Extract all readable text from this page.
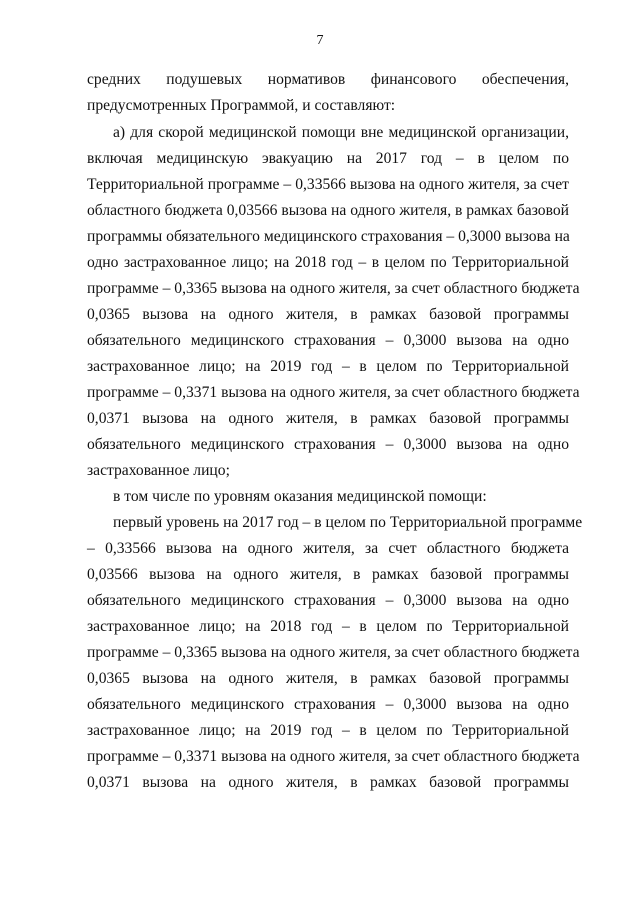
7
средних подушевых нормативов финансового обеспечения,
предусмотренных Программой, и составляют:
а) для скорой медицинской помощи вне медицинской организации,
включая медицинскую эвакуацию на 2017 год – в целом по
Территориальной программе – 0,33566 вызова на одного жителя, за счет
областного бюджета 0,03566 вызова на одного жителя, в рамках базовой
программы обязательного медицинского страхования – 0,3000 вызова на
одно застрахованное лицо; на 2018 год – в целом по Территориальной
программе – 0,3365 вызова на одного жителя, за счет областного бюджета
0,0365 вызова на одного жителя, в рамках базовой программы
обязательного медицинского страхования – 0,3000 вызова на одно
застрахованное лицо; на 2019 год – в целом по Территориальной
программе – 0,3371 вызова на одного жителя, за счет областного бюджета
0,0371 вызова на одного жителя, в рамках базовой программы
обязательного медицинского страхования – 0,3000 вызова на одно
застрахованное лицо;
в том числе по уровням оказания медицинской помощи:
первый уровень на 2017 год – в целом по Территориальной программе
– 0,33566 вызова на одного жителя, за счет областного бюджета
0,03566 вызова на одного жителя, в рамках базовой программы
обязательного медицинского страхования – 0,3000 вызова на одно
застрахованное лицо; на 2018 год – в целом по Территориальной
программе – 0,3365 вызова на одного жителя, за счет областного бюджета
0,0365 вызова на одного жителя, в рамках базовой программы
обязательного медицинского страхования – 0,3000 вызова на одно
застрахованное лицо; на 2019 год – в целом по Территориальной
программе – 0,3371 вызова на одного жителя, за счет областного бюджета
0,0371 вызова на одного жителя, в рамках базовой программы
